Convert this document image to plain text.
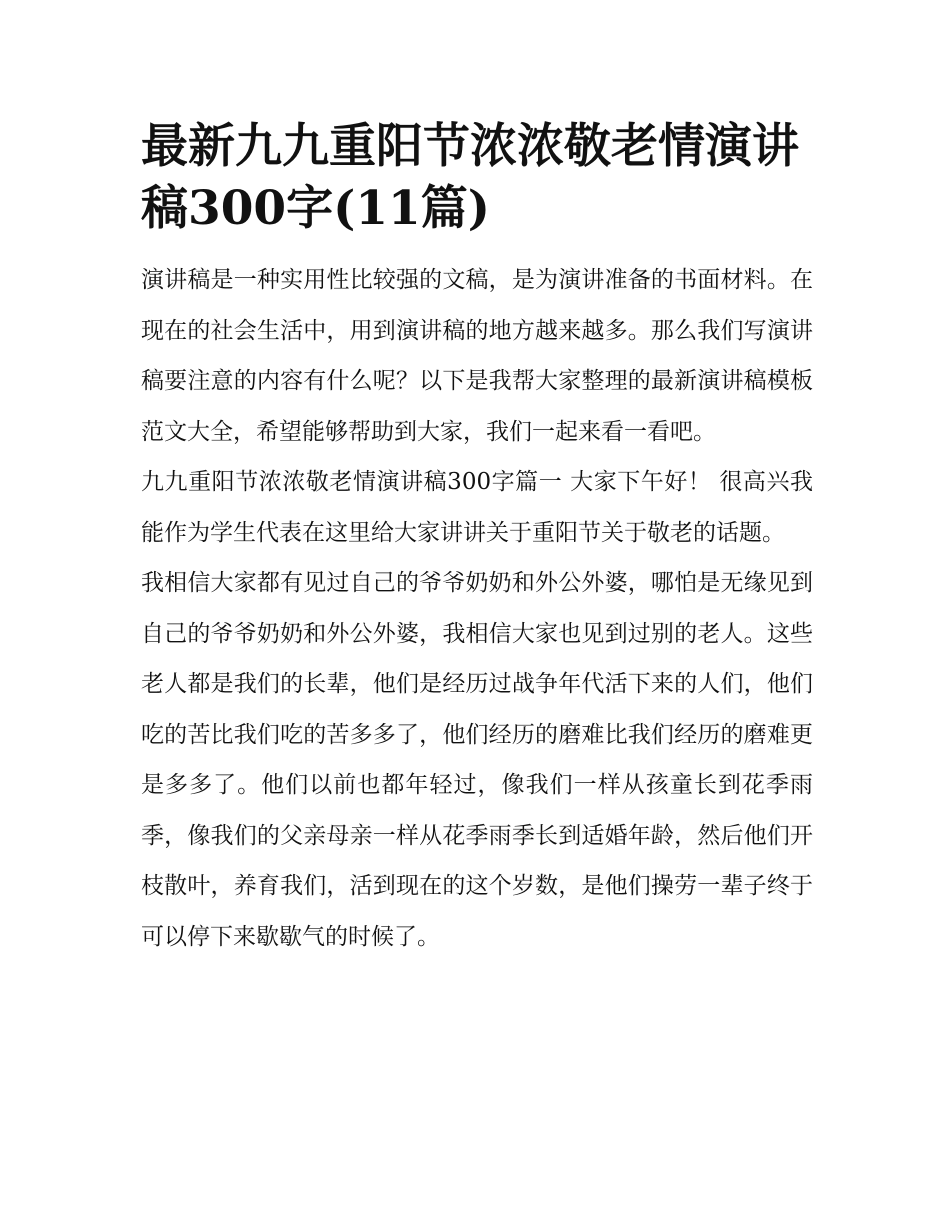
最新九九重阳节浓浓敬老情演讲稿300字(11篇)

演讲稿是一种实用性比较强的文稿，是为演讲准备的书面材料。在现在的社会生活中，用到演讲稿的地方越来越多。那么我们写演讲稿要注意的内容有什么呢？以下是我帮大家整理的最新演讲稿模板范文大全，希望能够帮助到大家，我们一起来看一看吧。

九九重阳节浓浓敬老情演讲稿300字篇一 大家下午好！ 很高兴我能作为学生代表在这里给大家讲讲关于重阳节关于敬老的话题。

我相信大家都有见过自己的爷爷奶奶和外公外婆，哪怕是无缘见到自己的爷爷奶奶和外公外婆，我相信大家也见到过别的老人。这些老人都是我们的长辈，他们是经历过战争年代活下来的人们，他们吃的苦比我们吃的苦多多了，他们经历的磨难比我们经历的磨难更是多多了。他们以前也都年轻过，像我们一样从孩童长到花季雨季，像我们的父亲母亲一样从花季雨季长到适婚年龄，然后他们开枝散叶，养育我们，活到现在的这个岁数，是他们操劳一辈子终于可以停下来歇歇气的时候了。
